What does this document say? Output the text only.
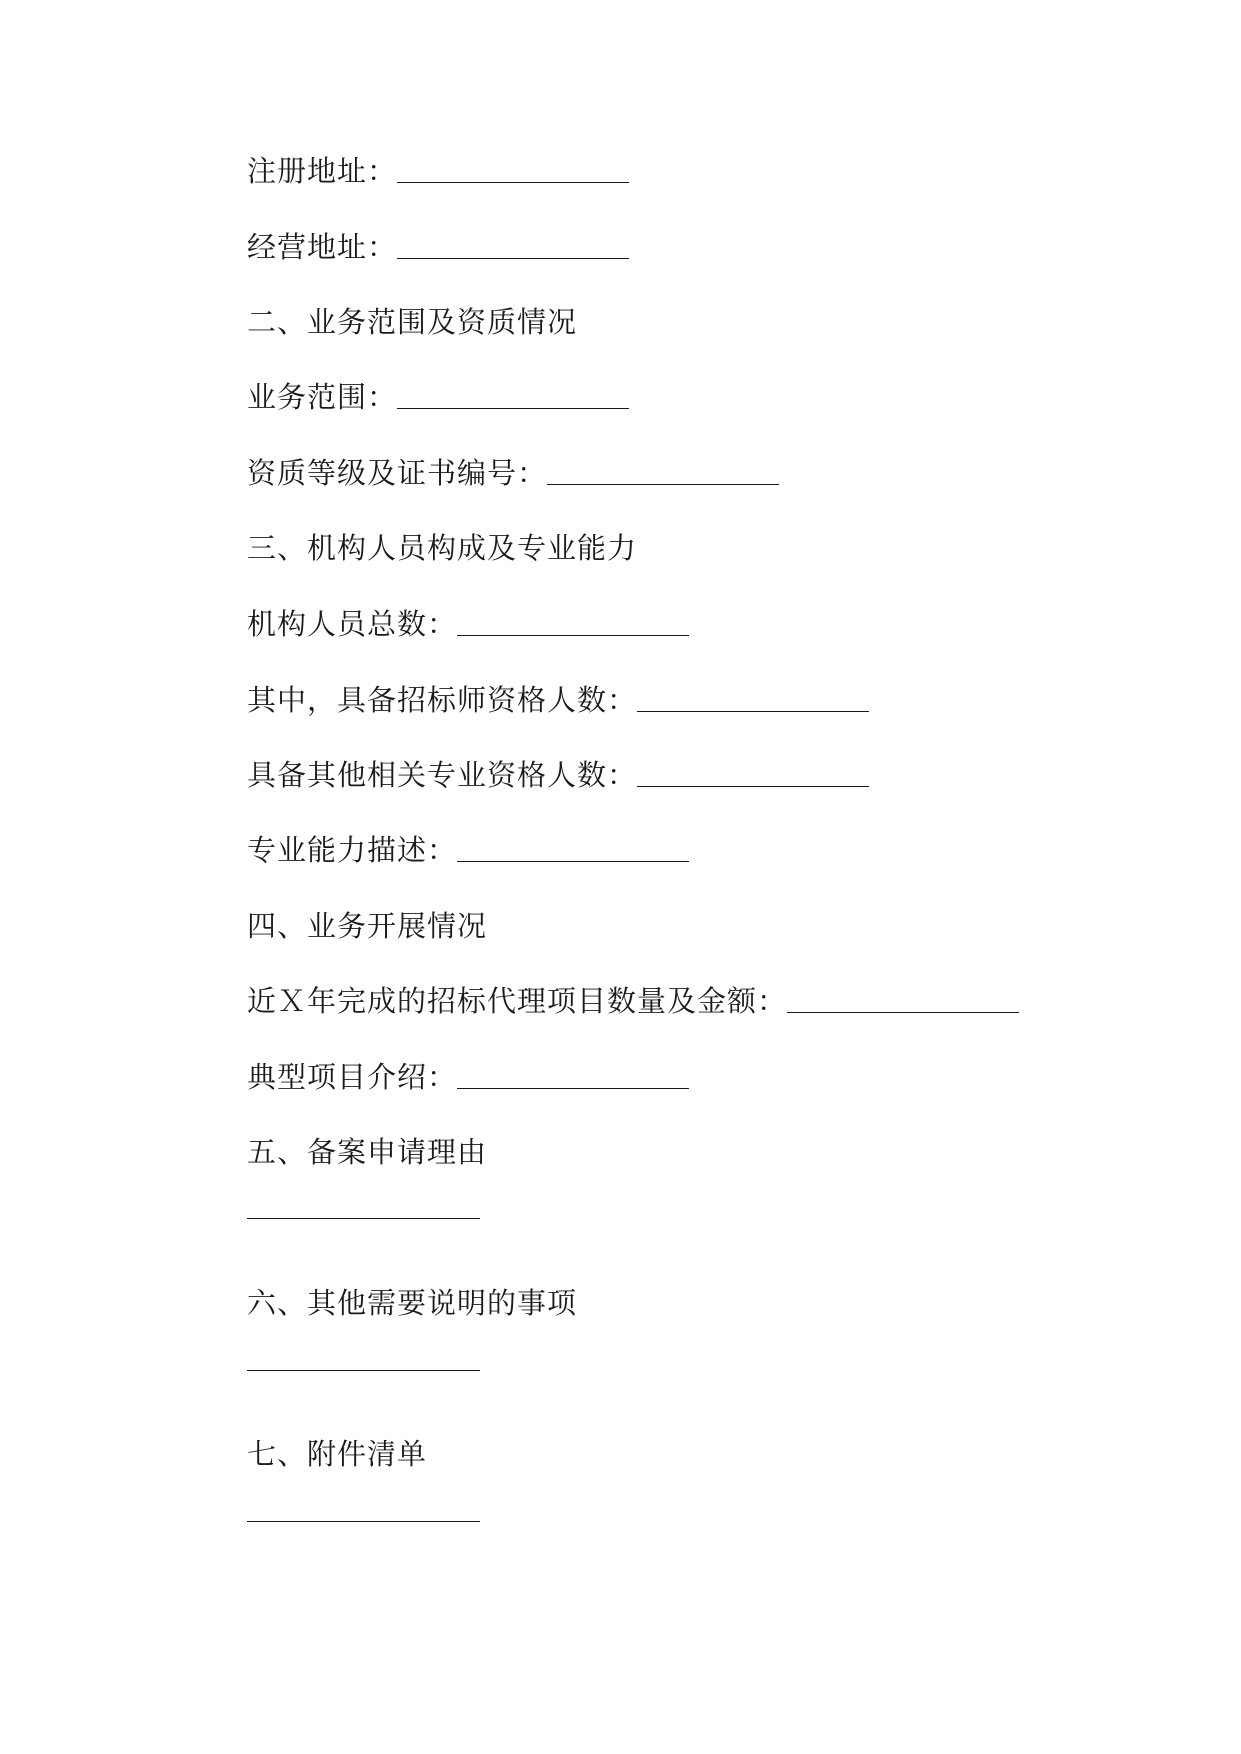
注册地址：
经营地址：
二、业务范围及资质情况
业务范围：
资质等级及证书编号：
三、机构人员构成及专业能力
机构人员总数：
其中，具备招标师资格人数：
具备其他相关专业资格人数：
专业能力描述：
四、业务开展情况
近Ｘ年完成的招标代理项目数量及金额：
典型项目介绍：
五、备案申请理由
六、其他需要说明的事项
七、附件清单
